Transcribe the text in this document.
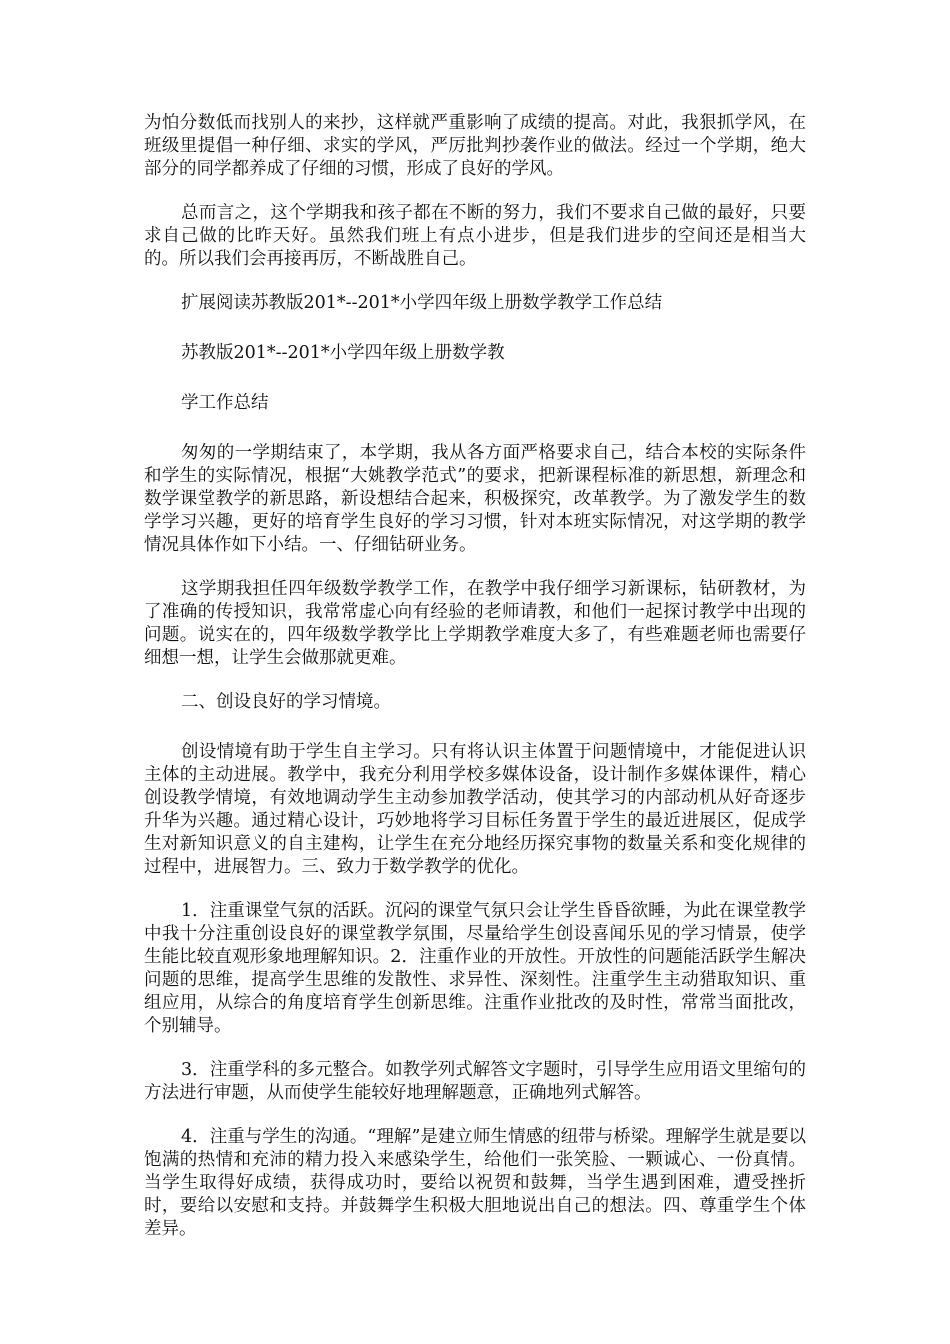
为怕分数低而找别人的来抄，这样就严重影响了成绩的提高。对此，我狠抓学风，在班级里提倡一种仔细、求实的学风，严厉批判抄袭作业的做法。经过一个学期，绝大部分的同学都养成了仔细的习惯，形成了良好的学风。

总而言之，这个学期我和孩子都在不断的努力，我们不要求自己做的最好，只要求自己做的比昨天好。虽然我们班上有点小进步，但是我们进步的空间还是相当大的。所以我们会再接再厉，不断战胜自己。

扩展阅读苏教版201*--201*小学四年级上册数学教学工作总结

苏教版201*--201*小学四年级上册数学教

学工作总结

匆匆的一学期结束了，本学期，我从各方面严格要求自己，结合本校的实际条件和学生的实际情况，根据“大姚教学范式”的要求，把新课程标准的新思想，新理念和数学课堂教学的新思路，新设想结合起来，积极探究，改革教学。为了激发学生的数学学习兴趣，更好的培育学生良好的学习习惯，针对本班实际情况，对这学期的教学情况具体作如下小结。一、仔细钻研业务。

这学期我担任四年级数学教学工作，在教学中我仔细学习新课标，钻研教材，为了准确的传授知识，我常常虚心向有经验的老师请教，和他们一起探讨教学中出现的问题。说实在的，四年级数学教学比上学期教学难度大多了，有些难题老师也需要仔细想一想，让学生会做那就更难。

二、创设良好的学习情境。

创设情境有助于学生自主学习。只有将认识主体置于问题情境中，才能促进认识主体的主动进展。教学中，我充分利用学校多媒体设备，设计制作多媒体课件，精心创设教学情境，有效地调动学生主动参加教学活动，使其学习的内部动机从好奇逐步升华为兴趣。通过精心设计，巧妙地将学习目标任务置于学生的最近进展区，促成学生对新知识意义的自主建构，让学生在充分地经历探究事物的数量关系和变化规律的过程中，进展智力。三、致力于数学教学的优化。

1．注重课堂气氛的活跃。沉闷的课堂气氛只会让学生昏昏欲睡，为此在课堂教学中我十分注重创设良好的课堂教学氛围，尽量给学生创设喜闻乐见的学习情景，使学生能比较直观形象地理解知识。2．注重作业的开放性。开放性的问题能活跃学生解决问题的思维，提高学生思维的发散性、求异性、深刻性。注重学生主动猎取知识、重组应用，从综合的角度培育学生创新思维。注重作业批改的及时性，常常当面批改，个别辅导。

3．注重学科的多元整合。如教学列式解答文字题时，引导学生应用语文里缩句的方法进行审题，从而使学生能较好地理解题意，正确地列式解答。

4．注重与学生的沟通。“理解”是建立师生情感的纽带与桥梁。理解学生就是要以饱满的热情和充沛的精力投入来感染学生，给他们一张笑脸、一颗诚心、一份真情。当学生取得好成绩，获得成功时，要给以祝贺和鼓舞，当学生遇到困难，遭受挫折时，要给以安慰和支持。并鼓舞学生积极大胆地说出自己的想法。四、尊重学生个体差异。
